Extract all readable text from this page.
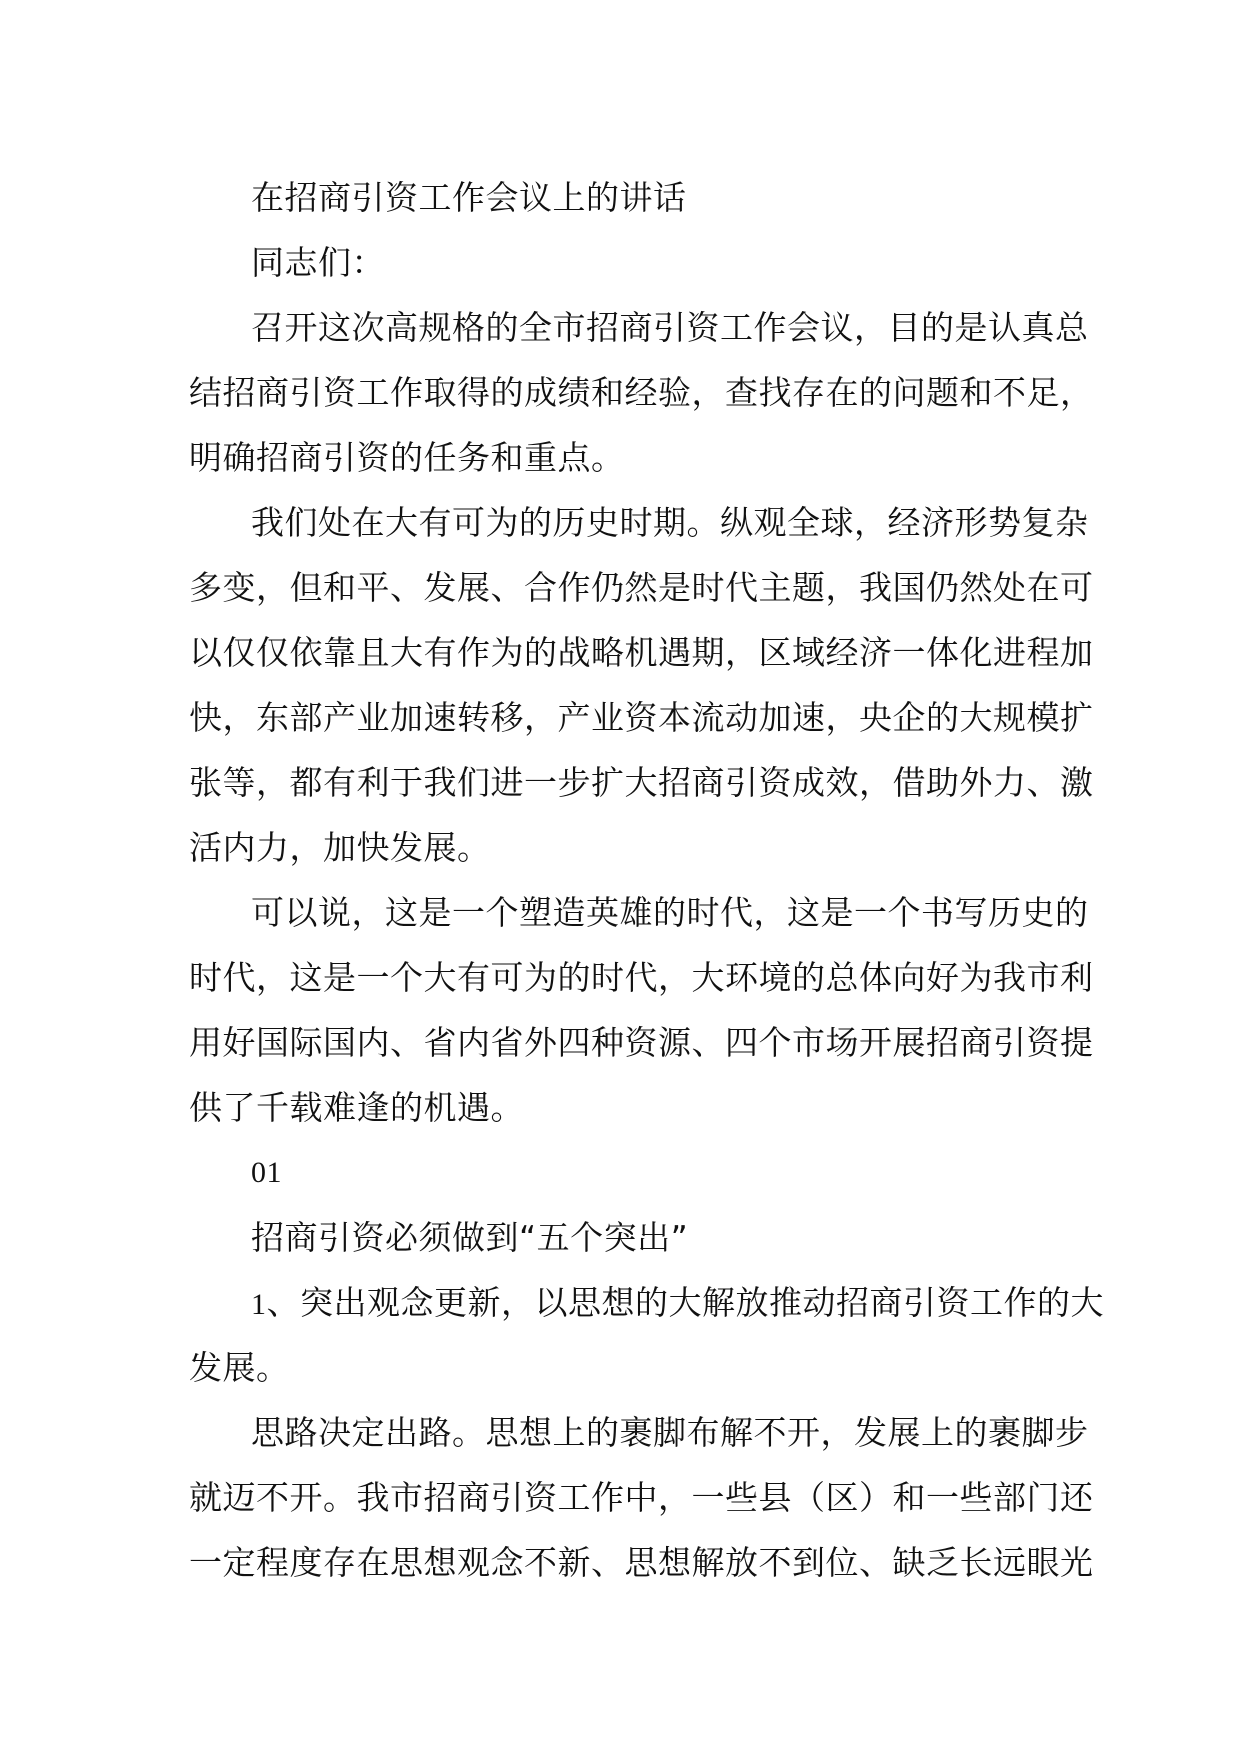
在招商引资工作会议上的讲话
同志们：
召开这次高规格的全市招商引资工作会议，目的是认真总
结招商引资工作取得的成绩和经验，查找存在的问题和不足，
明确招商引资的任务和重点。
我们处在大有可为的历史时期。纵观全球，经济形势复杂
多变，但和平、发展、合作仍然是时代主题，我国仍然处在可
以仅仅依靠且大有作为的战略机遇期，区域经济一体化进程加
快，东部产业加速转移，产业资本流动加速，央企的大规模扩
张等，都有利于我们进一步扩大招商引资成效，借助外力、激
活内力，加快发展。
可以说，这是一个塑造英雄的时代，这是一个书写历史的
时代，这是一个大有可为的时代，大环境的总体向好为我市利
用好国际国内、省内省外四种资源、四个市场开展招商引资提
供了千载难逢的机遇。
01
招商引资必须做到“五个突出”
1、突出观念更新，以思想的大解放推动招商引资工作的大
发展。
思路决定出路。思想上的裹脚布解不开，发展上的裹脚步
就迈不开。我市招商引资工作中，一些县（区）和一些部门还
一定程度存在思想观念不新、思想解放不到位、缺乏长远眼光
